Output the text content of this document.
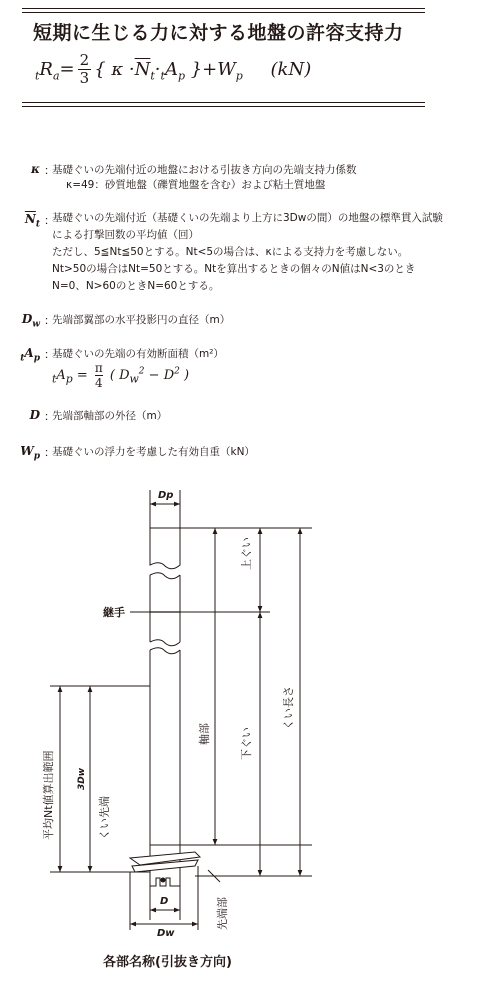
短期に生じる力に対する地盤の許容支持力
$_tR_a= \frac{2}{3}$ { $\kappa \cdot\overline{N}_t\cdot_tA_p$ }$+W_p$ (kN)
κ ：
基礎ぐいの先端付近の地盤における引抜き方向の先端支持力係数
κ=49：砂質地盤（礫質地盤を含む）および粘土質地盤
$\overline{N}_t$ ：
基礎ぐいの先端付近（基礎くいの先端より上方に3Dwの間）の地盤の標準貫入試験
による打撃回数の平均値（回）
ただし、5≦Nt≦50とする。Nt<5の場合は、κによる支持力を考慮しない。
Nt>50の場合はNt=50とする。Ntを算出するときの個々のN値はN<3のとき
N=0、N>60のときN=60とする。
$D_w$ ：
先端部翼部の水平投影円の直径（m）
$_tA_p$ ：
基礎ぐいの先端の有効断面積（m²）
$_tA_p = \frac{\pi}{4}$ ( $D_w^2 - D^2$ )
D ：
先端部軸部の外径（m）
$W_p$ ：
基礎ぐいの浮力を考慮した有効自重（kN）
Dp
継手
上ぐい
下ぐい
くい長さ
軸部
平均Nt値算出範囲 3Dw
くい先端
D
Dw
先端部
各部名称(引抜き方向)
